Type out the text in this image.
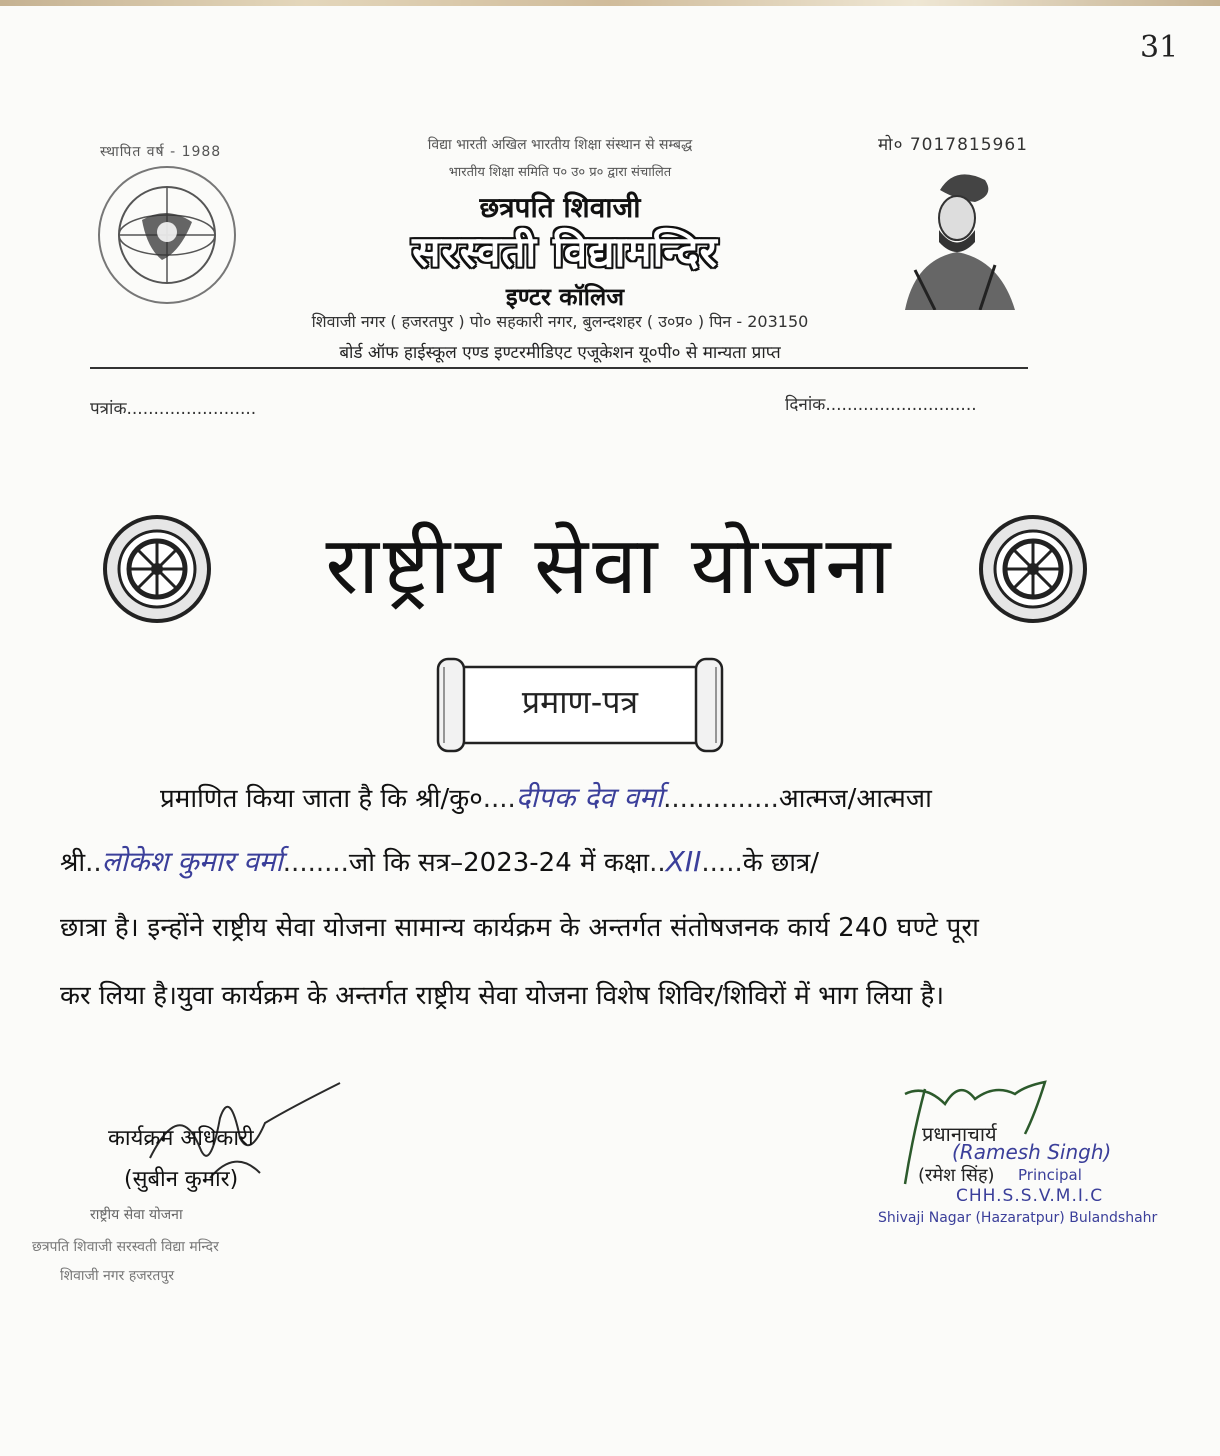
31
स्थापित वर्ष - 1988	मो० 7017815961
विद्या भारती अखिल भारतीय शिक्षा संस्थान से सम्बद्ध
भारतीय शिक्षा समिति प० उ० प्र० द्वारा संचालित
छत्रपति शिवाजी
सरस्वती विद्यामन्दिर
इण्टर कॉलिज
शिवाजी नगर ( हजरतपुर ) पो० सहकारी नगर, बुलन्दशहर ( उ०प्र० ) पिन - 203150
बोर्ड ऑफ हाईस्कूल एण्ड इण्टरमीडिएट एजूकेशन यू०पी० से मान्यता प्राप्त
पत्रांक........................	दिनांक............................
राष्ट्रीय सेवा योजना
प्रमाण-पत्र
प्रमाणित किया जाता है कि श्री/कु०....दीपक देव वर्मा..............आत्मज/आत्मजा
श्री..लोकेश कुमार वर्मा........जो कि सत्र–2023-24 में कक्षा..XII.....के छात्र/
छात्रा है। इन्होंने राष्ट्रीय सेवा योजना सामान्य कार्यक्रम के अन्तर्गत संतोषजनक कार्य 240 घण्टे पूरा
कर लिया है।युवा कार्यक्रम के अन्तर्गत राष्ट्रीय सेवा योजना विशेष शिविर/शिविरों में भाग लिया है।
कार्यक्रम अधिकारी
(सुबीन कुमार)
राष्ट्रीय सेवा योजना
छत्रपति शिवाजी सरस्वती विद्या मन्दिर
शिवाजी नगर हजरतपुर
प्रधानाचार्य
(Ramesh Singh)
(रमेश सिंह) Principal
CHH.S.S.V.M.I.C
Shivaji Nagar (Hazaratpur) Bulandshahr
